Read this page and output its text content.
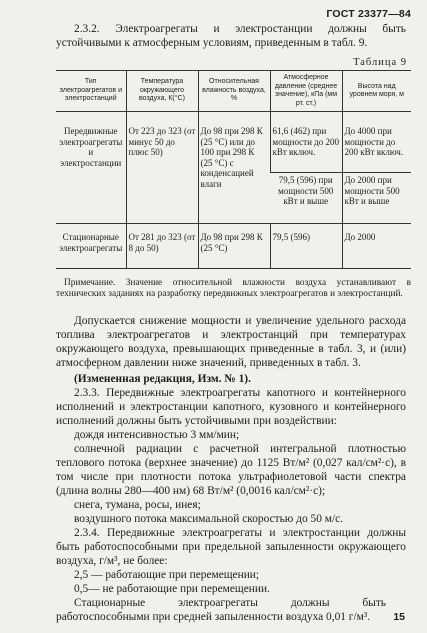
ГОСТ 23377—84
2.3.2. Электроагрегаты и электростанции должны быть устойчивыми к атмосферным условиям, приведенным в табл. 9.
Таблица 9
Тип электроагрегатов и электростанций	Температура окружающего воздуха, К(°C)	Относительная влажность воздуха, %	Атмосферное давление (среднее значение), кПа (мм рт. ст.)	Высота над уровнем моря, м
Передвижные электроагрегаты и электростанции	От 223 до 323 (от минус 50 до плюс 50)	До 98 при 298 К (25 °C) или до 100 при 298 К (25 °C) с конденсацией влаги	61,6 (462) при мощности до 200 кВт включ.	До 4000 при мощности до 200 кВт включ.
			79,5 (596) при мощности 500 кВт и выше	До 2000 при мощности 500 кВт и выше
Стационарные электроагрегаты	От 281 до 323 (от 8 до 50)	До 98 при 298 К (25 °C)	79,5 (596)	До 2000
Примечание. Значение относительной влажности воздуха устанавливают в технических заданиях на разработку передвижных электроагрегатов и электростанций.
Допускается снижение мощности и увеличение удельного расхода топлива электроагрегатов и электростанций при температурах окружающего воздуха, превышающих приведенные в табл. 3, и (или) атмосферном давлении ниже значений, приведенных в табл. 3.
(Измененная редакция, Изм. № 1).
2.3.3. Передвижные электроагрегаты капотного и контейнерного исполнений и электростанции капотного, кузовного и контейнерного исполнений должны быть устойчивыми при воздействии:
дождя интенсивностью 3 мм/мин;
солнечной радиации с расчетной интегральной плотностью теплового потока (верхнее значение) до 1125 Вт/м² (0,027 кал/см²·с), в том числе при плотности потока ультрафиолетовой части спектра (длина волны 280—400 нм) 68 Вт/м² (0,0016 кал/см²·с);
снега, тумана, росы, инея;
воздушного потока максимальной скоростью до 50 м/с.
2.3.4. Передвижные электроагрегаты и электростанции должны быть работоспособными при предельной запыленности окружающего воздуха, г/м³, не более:
2,5 — работающие при перемещении;
0,5— не работающие при перемещении.
Стационарные электроагрегаты должны быть работоспособными при средней запыленности воздуха 0,01 г/м³.	15
